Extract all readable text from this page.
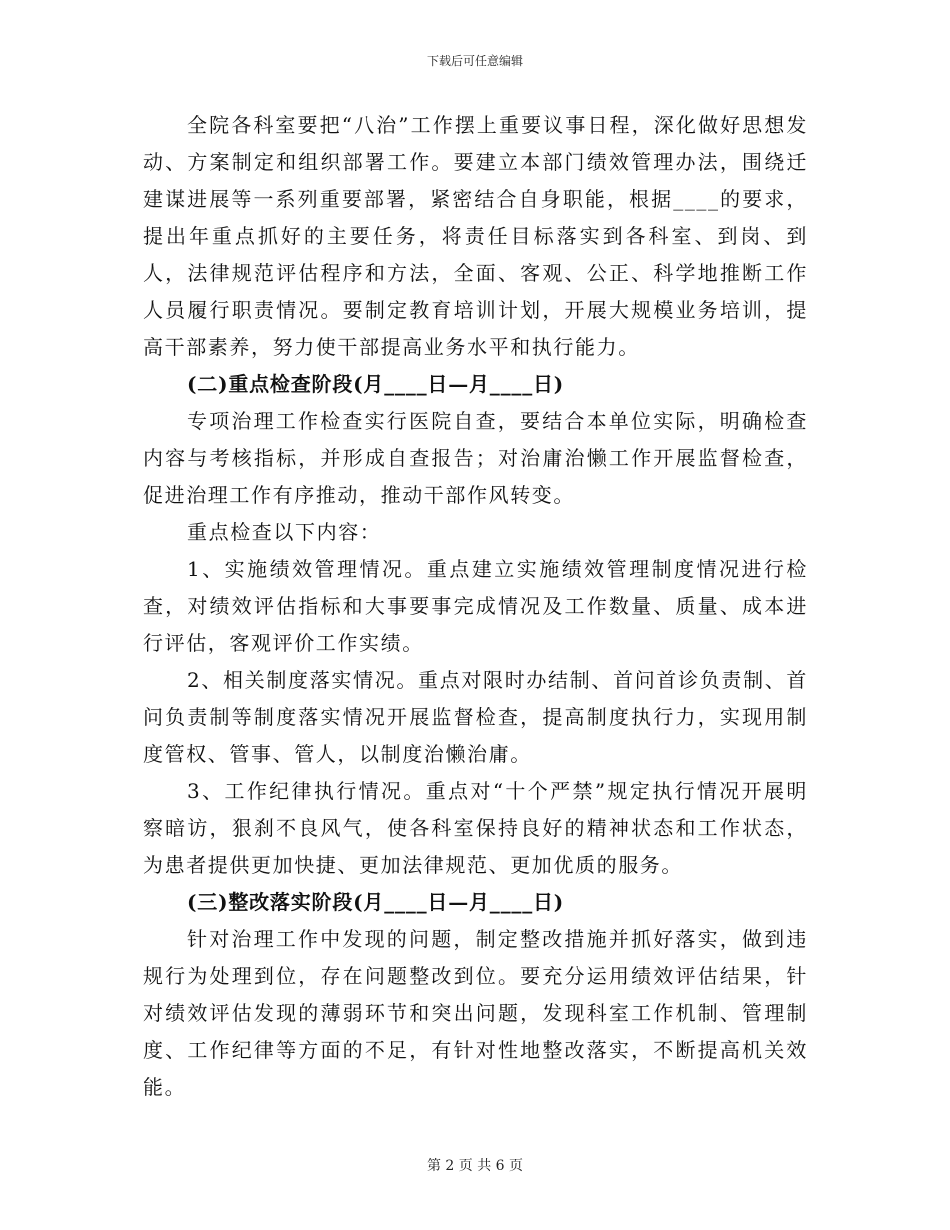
下载后可任意编辑

全院各科室要把“八治”工作摆上重要议事日程，深化做好思想发动、方案制定和组织部署工作。要建立本部门绩效管理办法，围绕迁建谋进展等一系列重要部署，紧密结合自身职能，根据____的要求，提出年重点抓好的主要任务，将责任目标落实到各科室、到岗、到人，法律规范评估程序和方法，全面、客观、公正、科学地推断工作人员履行职责情况。要制定教育培训计划，开展大规模业务培训，提高干部素养，努力使干部提高业务水平和执行能力。

(二)重点检查阶段(月____日—月____日)

专项治理工作检查实行医院自查，要结合本单位实际，明确检查内容与考核指标，并形成自查报告；对治庸治懒工作开展监督检查，促进治理工作有序推动，推动干部作风转变。

重点检查以下内容：

1、实施绩效管理情况。重点建立实施绩效管理制度情况进行检查，对绩效评估指标和大事要事完成情况及工作数量、质量、成本进行评估，客观评价工作实绩。

2、相关制度落实情况。重点对限时办结制、首问首诊负责制、首问负责制等制度落实情况开展监督检查，提高制度执行力，实现用制度管权、管事、管人，以制度治懒治庸。

3、工作纪律执行情况。重点对“十个严禁”规定执行情况开展明察暗访，狠刹不良风气，使各科室保持良好的精神状态和工作状态，为患者提供更加快捷、更加法律规范、更加优质的服务。

(三)整改落实阶段(月____日—月____日)

针对治理工作中发现的问题，制定整改措施并抓好落实，做到违规行为处理到位，存在问题整改到位。要充分运用绩效评估结果，针对绩效评估发现的薄弱环节和突出问题，发现科室工作机制、管理制度、工作纪律等方面的不足，有针对性地整改落实，不断提高机关效能。

第 2 页 共 6 页
